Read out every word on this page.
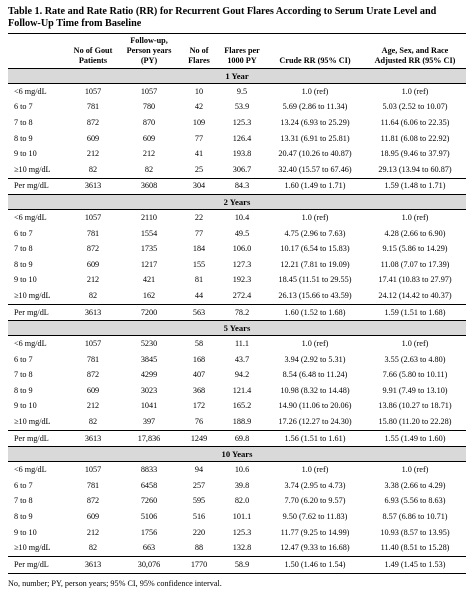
Table 1. Rate and Rate Ratio (RR) for Recurrent Gout Flares According to Serum Urate Level and Follow-Up Time from Baseline
	No of Gout Patients	Follow-up, Person years (PY)	No of Flares	Flares per 1000 PY	Crude RR (95% CI)	Age, Sex, and Race Adjusted RR (95% CI)
1 Year						
<6 mg/dL	1057	1057	10	9.5	1.0 (ref)	1.0 (ref)
6 to 7	781	780	42	53.9	5.69 (2.86 to 11.34)	5.03 (2.52 to 10.07)
7 to 8	872	870	109	125.3	13.24 (6.93 to 25.29)	11.64 (6.06 to 22.35)
8 to 9	609	609	77	126.4	13.31 (6.91 to 25.81)	11.81 (6.08 to 22.92)
9 to 10	212	212	41	193.8	20.47 (10.26 to 40.87)	18.95 (9.46 to 37.97)
≥10 mg/dL	82	82	25	306.7	32.40 (15.57 to 67.46)	29.13 (13.94 to 60.87)
Per mg/dL	3613	3608	304	84.3	1.60 (1.49 to 1.71)	1.59 (1.48 to 1.71)
2 Years						
<6 mg/dL	1057	2110	22	10.4	1.0 (ref)	1.0 (ref)
6 to 7	781	1554	77	49.5	4.75 (2.96 to 7.63)	4.28 (2.66 to 6.90)
7 to 8	872	1735	184	106.0	10.17 (6.54 to 15.83)	9.15 (5.86 to 14.29)
8 to 9	609	1217	155	127.3	12.21 (7.81 to 19.09)	11.08 (7.07 to 17.39)
9 to 10	212	421	81	192.3	18.45 (11.51 to 29.55)	17.41 (10.83 to 27.97)
≥10 mg/dL	82	162	44	272.4	26.13 (15.66 to 43.59)	24.12 (14.42 to 40.37)
Per mg/dL	3613	7200	563	78.2	1.60 (1.52 to 1.68)	1.59 (1.51 to 1.68)
5 Years						
<6 mg/dL	1057	5230	58	11.1	1.0 (ref)	1.0 (ref)
6 to 7	781	3845	168	43.7	3.94 (2.92 to 5.31)	3.55 (2.63 to 4.80)
7 to 8	872	4299	407	94.2	8.54 (6.48 to 11.24)	7.66 (5.80 to 10.11)
8 to 9	609	3023	368	121.4	10.98 (8.32 to 14.48)	9.91 (7.49 to 13.10)
9 to 10	212	1041	172	165.2	14.90 (11.06 to 20.06)	13.86 (10.27 to 18.71)
≥10 mg/dL	82	397	76	188.9	17.26 (12.27 to 24.30)	15.80 (11.20 to 22.28)
Per mg/dL	3613	17,836	1249	69.8	1.56 (1.51 to 1.61)	1.55 (1.49 to 1.60)
10 Years						
<6 mg/dL	1057	8833	94	10.6	1.0 (ref)	1.0 (ref)
6 to 7	781	6458	257	39.8	3.74 (2.95 to 4.73)	3.38 (2.66 to 4.29)
7 to 8	872	7260	595	82.0	7.70 (6.20 to 9.57)	6.93 (5.56 to 8.63)
8 to 9	609	5106	516	101.1	9.50 (7.62 to 11.83)	8.57 (6.86 to 10.71)
9 to 10	212	1756	220	125.3	11.77 (9.25 to 14.99)	10.93 (8.57 to 13.95)
≥10 mg/dL	82	663	88	132.8	12.47 (9.33 to 16.68)	11.40 (8.51 to 15.28)
Per mg/dL	3613	30,076	1770	58.9	1.50 (1.46 to 1.54)	1.49 (1.45 to 1.53)
No, number; PY, person years; 95% CI, 95% confidence interval.
